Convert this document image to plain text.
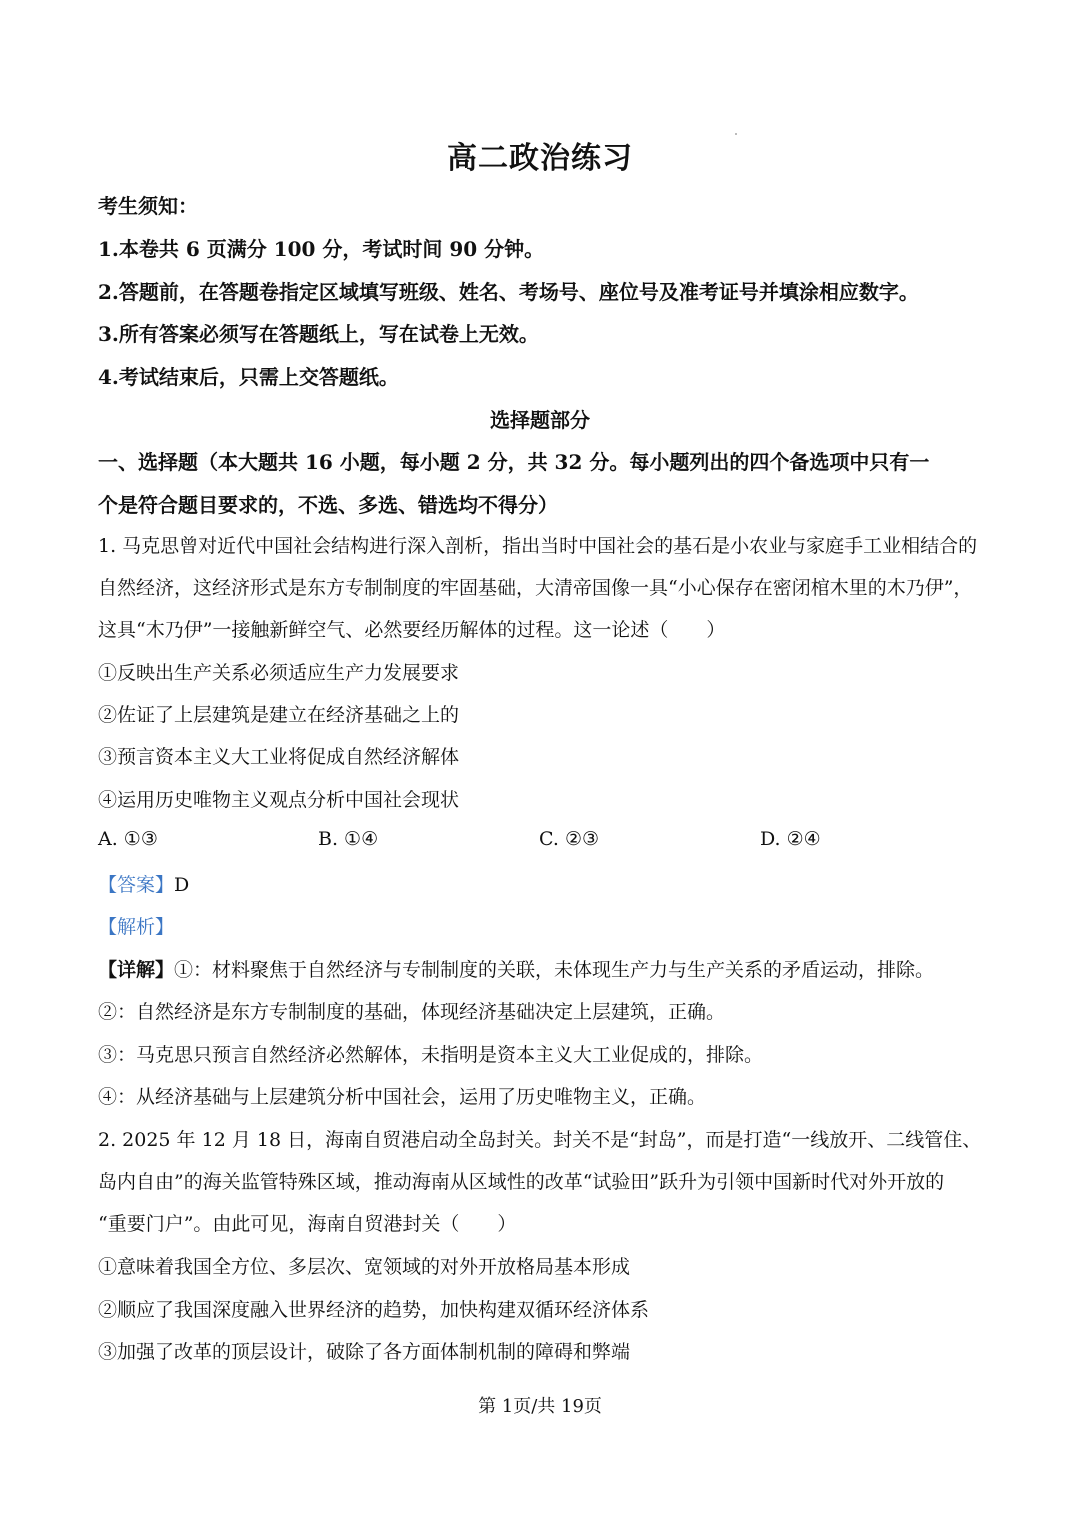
高二政治练习
考生须知：
1.本卷共 6 页满分 100 分，考试时间 90 分钟。
2.答题前，在答题卷指定区域填写班级、姓名、考场号、座位号及准考证号并填涂相应数字。
3.所有答案必须写在答题纸上，写在试卷上无效。
4.考试结束后，只需上交答题纸。
选择题部分
一、选择题（本大题共 16 小题，每小题 2 分，共 32 分。每小题列出的四个备选项中只有一
个是符合题目要求的，不选、多选、错选均不得分）
1. 马克思曾对近代中国社会结构进行深入剖析，指出当时中国社会的基石是小农业与家庭手工业相结合的
自然经济，这经济形式是东方专制制度的牢固基础，大清帝国像一具“小心保存在密闭棺木里的木乃伊”，
这具“木乃伊”一接触新鲜空气、必然要经历解体的过程。这一论述（　　）
①反映出生产关系必须适应生产力发展要求
②佐证了上层建筑是建立在经济基础之上的
③预言资本主义大工业将促成自然经济解体
④运用历史唯物主义观点分析中国社会现状
A. ①③	B. ①④	C. ②③	D. ②④
【答案】D
【解析】
【详解】①：材料聚焦于自然经济与专制制度的关联，未体现生产力与生产关系的矛盾运动，排除。
②：自然经济是东方专制制度的基础，体现经济基础决定上层建筑，正确。
③：马克思只预言自然经济必然解体，未指明是资本主义大工业促成的，排除。
④：从经济基础与上层建筑分析中国社会，运用了历史唯物主义，正确。
2. 2025 年 12 月 18 日，海南自贸港启动全岛封关。封关不是“封岛”，而是打造“一线放开、二线管住、
岛内自由”的海关监管特殊区域，推动海南从区域性的改革“试验田”跃升为引领中国新时代对外开放的
“重要门户”。由此可见，海南自贸港封关（　　）
①意味着我国全方位、多层次、宽领域的对外开放格局基本形成
②顺应了我国深度融入世界经济的趋势，加快构建双循环经济体系
③加强了改革的顶层设计，破除了各方面体制机制的障碍和弊端
第 1页/共 19页
